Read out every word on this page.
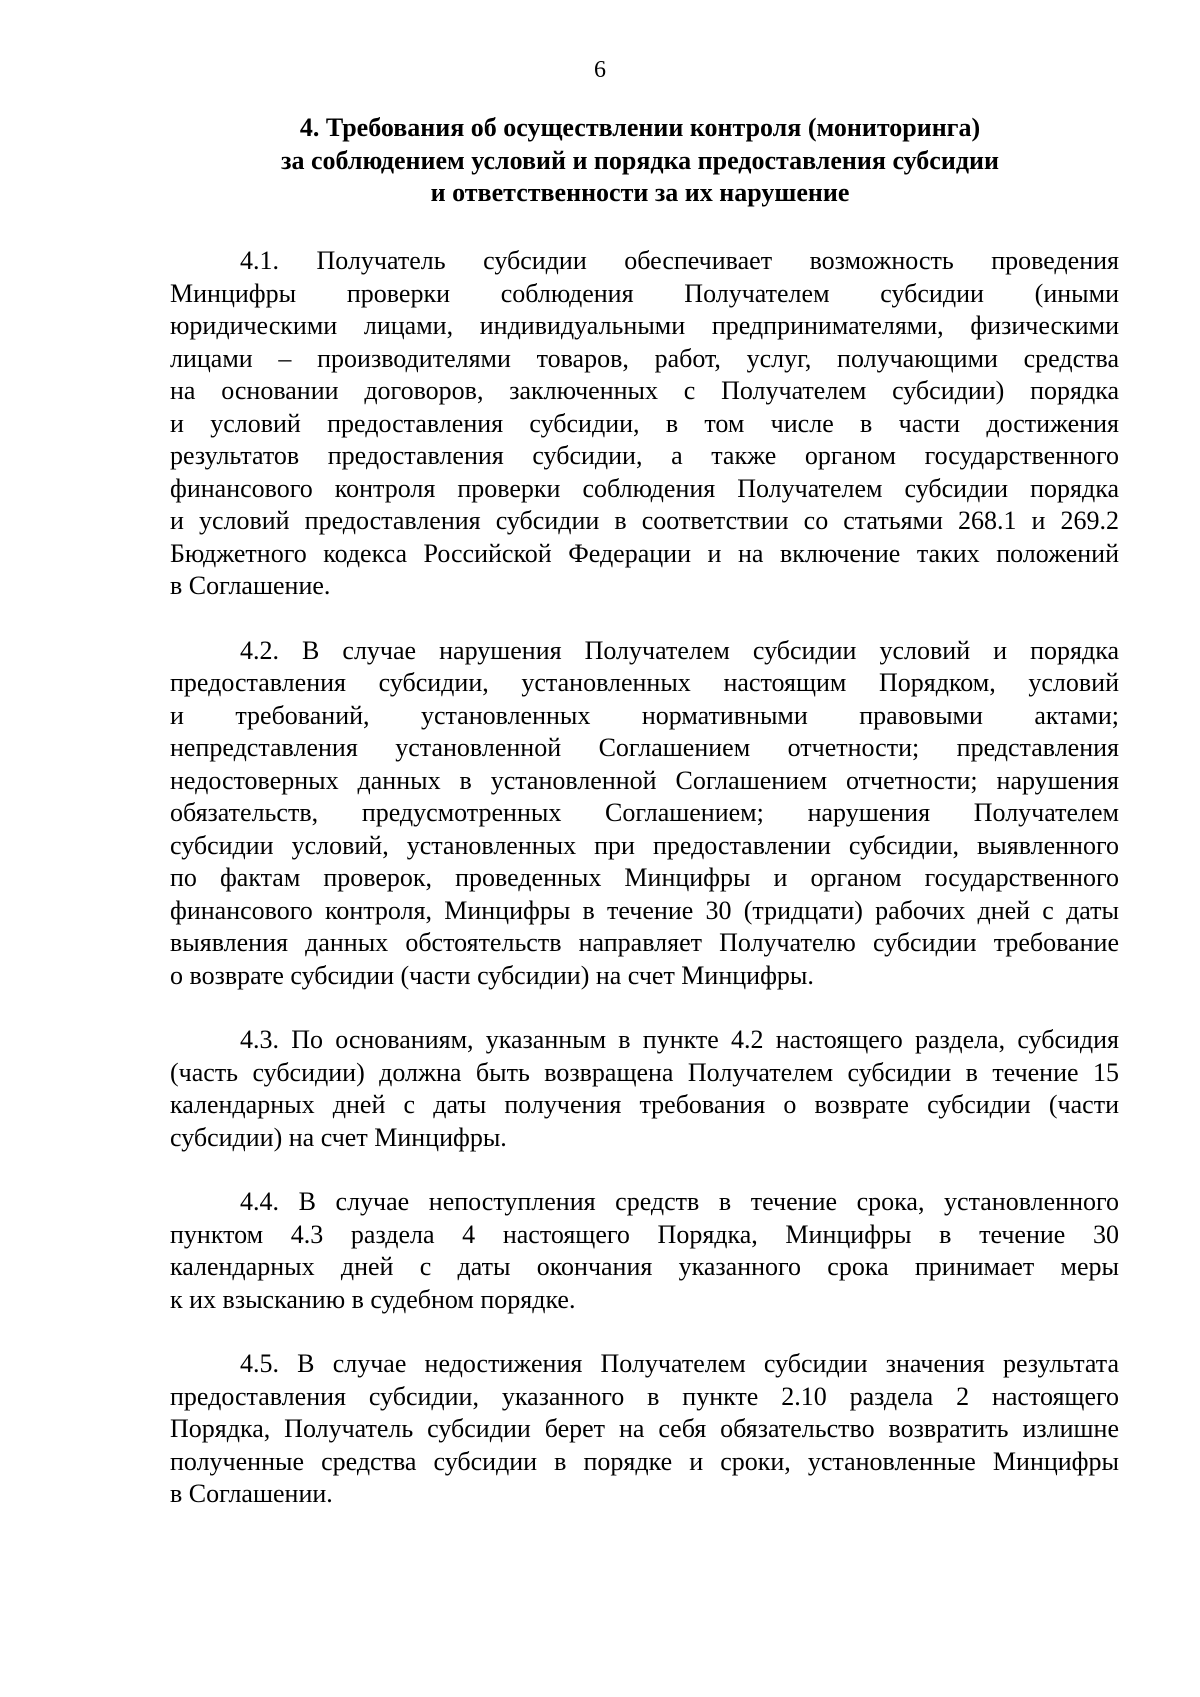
6
4. Требования об осуществлении контроля (мониторинга)
за соблюдением условий и порядка предоставления субсидии
и ответственности за их нарушение

4.1. Получатель субсидии обеспечивает возможность проведения
Минцифры проверки соблюдения Получателем субсидии (иными
юридическими лицами, индивидуальными предпринимателями, физическими
лицами – производителями товаров, работ, услуг, получающими средства
на основании договоров, заключенных с Получателем субсидии) порядка
и условий предоставления субсидии, в том числе в части достижения
результатов предоставления субсидии, а также органом государственного
финансового контроля проверки соблюдения Получателем субсидии порядка
и условий предоставления субсидии в соответствии со статьями 268.1 и 269.2
Бюджетного кодекса Российской Федерации и на включение таких положений
в Соглашение.

4.2. В случае нарушения Получателем субсидии условий и порядка
предоставления субсидии, установленных настоящим Порядком, условий
и требований, установленных нормативными правовыми актами;
непредставления установленной Соглашением отчетности; представления
недостоверных данных в установленной Соглашением отчетности; нарушения
обязательств, предусмотренных Соглашением; нарушения Получателем
субсидии условий, установленных при предоставлении субсидии, выявленного
по фактам проверок, проведенных Минцифры и органом государственного
финансового контроля, Минцифры в течение 30 (тридцати) рабочих дней с даты
выявления данных обстоятельств направляет Получателю субсидии требование
о возврате субсидии (части субсидии) на счет Минцифры.

4.3. По основаниям, указанным в пункте 4.2 настоящего раздела, субсидия
(часть субсидии) должна быть возвращена Получателем субсидии в течение 15
календарных дней с даты получения требования о возврате субсидии (части
субсидии) на счет Минцифры.

4.4. В случае непоступления средств в течение срока, установленного
пунктом 4.3 раздела 4 настоящего Порядка, Минцифры в течение 30
календарных дней с даты окончания указанного срока принимает меры
к их взысканию в судебном порядке.

4.5. В случае недостижения Получателем субсидии значения результата
предоставления субсидии, указанного в пункте 2.10 раздела 2 настоящего
Порядка, Получатель субсидии берет на себя обязательство возвратить излишне
полученные средства субсидии в порядке и сроки, установленные Минцифры
в Соглашении.
